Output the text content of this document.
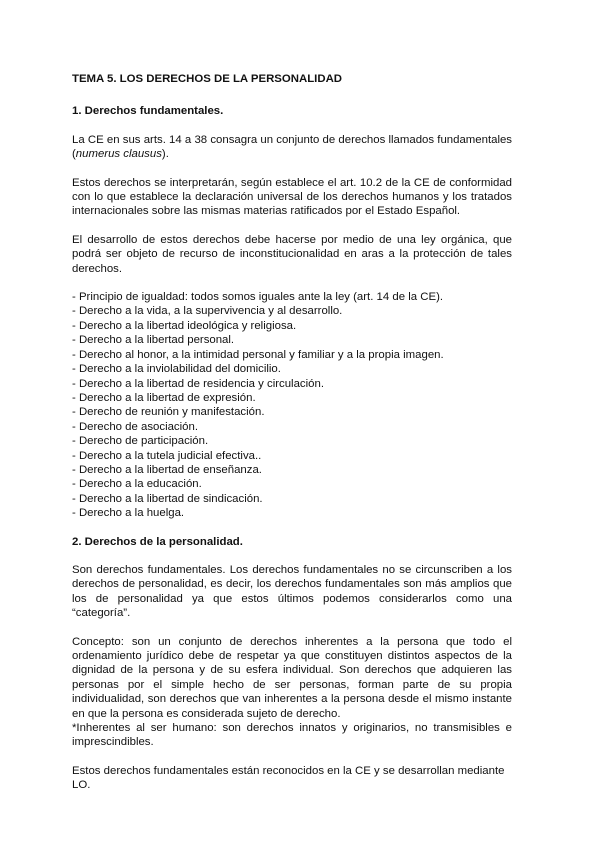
TEMA 5. LOS DERECHOS DE LA PERSONALIDAD
1. Derechos fundamentales.

La CE en sus arts. 14 a 38 consagra un conjunto de derechos llamados fundamentales (numerus clausus).

Estos derechos se interpretarán, según establece el art. 10.2 de la CE de conformidad con lo que establece la declaración universal de los derechos humanos y los tratados internacionales sobre las mismas materias ratificados por el Estado Español.

El desarrollo de estos derechos debe hacerse por medio de una ley orgánica, que podrá ser objeto de recurso de inconstitucionalidad en aras a la protección de tales derechos.

- Principio de igualdad: todos somos iguales ante la ley (art. 14 de la CE).
- Derecho a la vida, a la supervivencia y al desarrollo.
- Derecho a la libertad ideológica y religiosa.
- Derecho a la libertad personal.
- Derecho al honor, a la intimidad personal y familiar y a la propia imagen.
- Derecho a la inviolabilidad del domicilio.
- Derecho a la libertad de residencia y circulación.
- Derecho a la libertad de expresión.
- Derecho de reunión y manifestación.
- Derecho de asociación.
- Derecho de participación.
- Derecho a la tutela judicial efectiva..
- Derecho a la libertad de enseñanza.
- Derecho a la educación.
- Derecho a la libertad de sindicación.
- Derecho a la huelga.
2. Derechos de la personalidad.

Son derechos fundamentales. Los derechos fundamentales no se circunscriben a los derechos de personalidad, es decir, los derechos fundamentales son más amplios que los de personalidad ya que estos últimos podemos considerarlos como una “categoría”.

Concepto: son un conjunto de derechos inherentes a la persona que todo el ordenamiento jurídico debe de respetar ya que constituyen distintos aspectos de la dignidad de la persona y de su esfera individual. Son derechos que adquieren las personas por el simple hecho de ser personas, forman parte de su propia individualidad, son derechos que van inherentes a la persona desde el mismo instante en que la persona es considerada sujeto de derecho.

*Inherentes al ser humano: son derechos innatos y originarios, no transmisibles e imprescindibles.

Estos derechos fundamentales están reconocidos en la CE y se desarrollan mediante LO.
